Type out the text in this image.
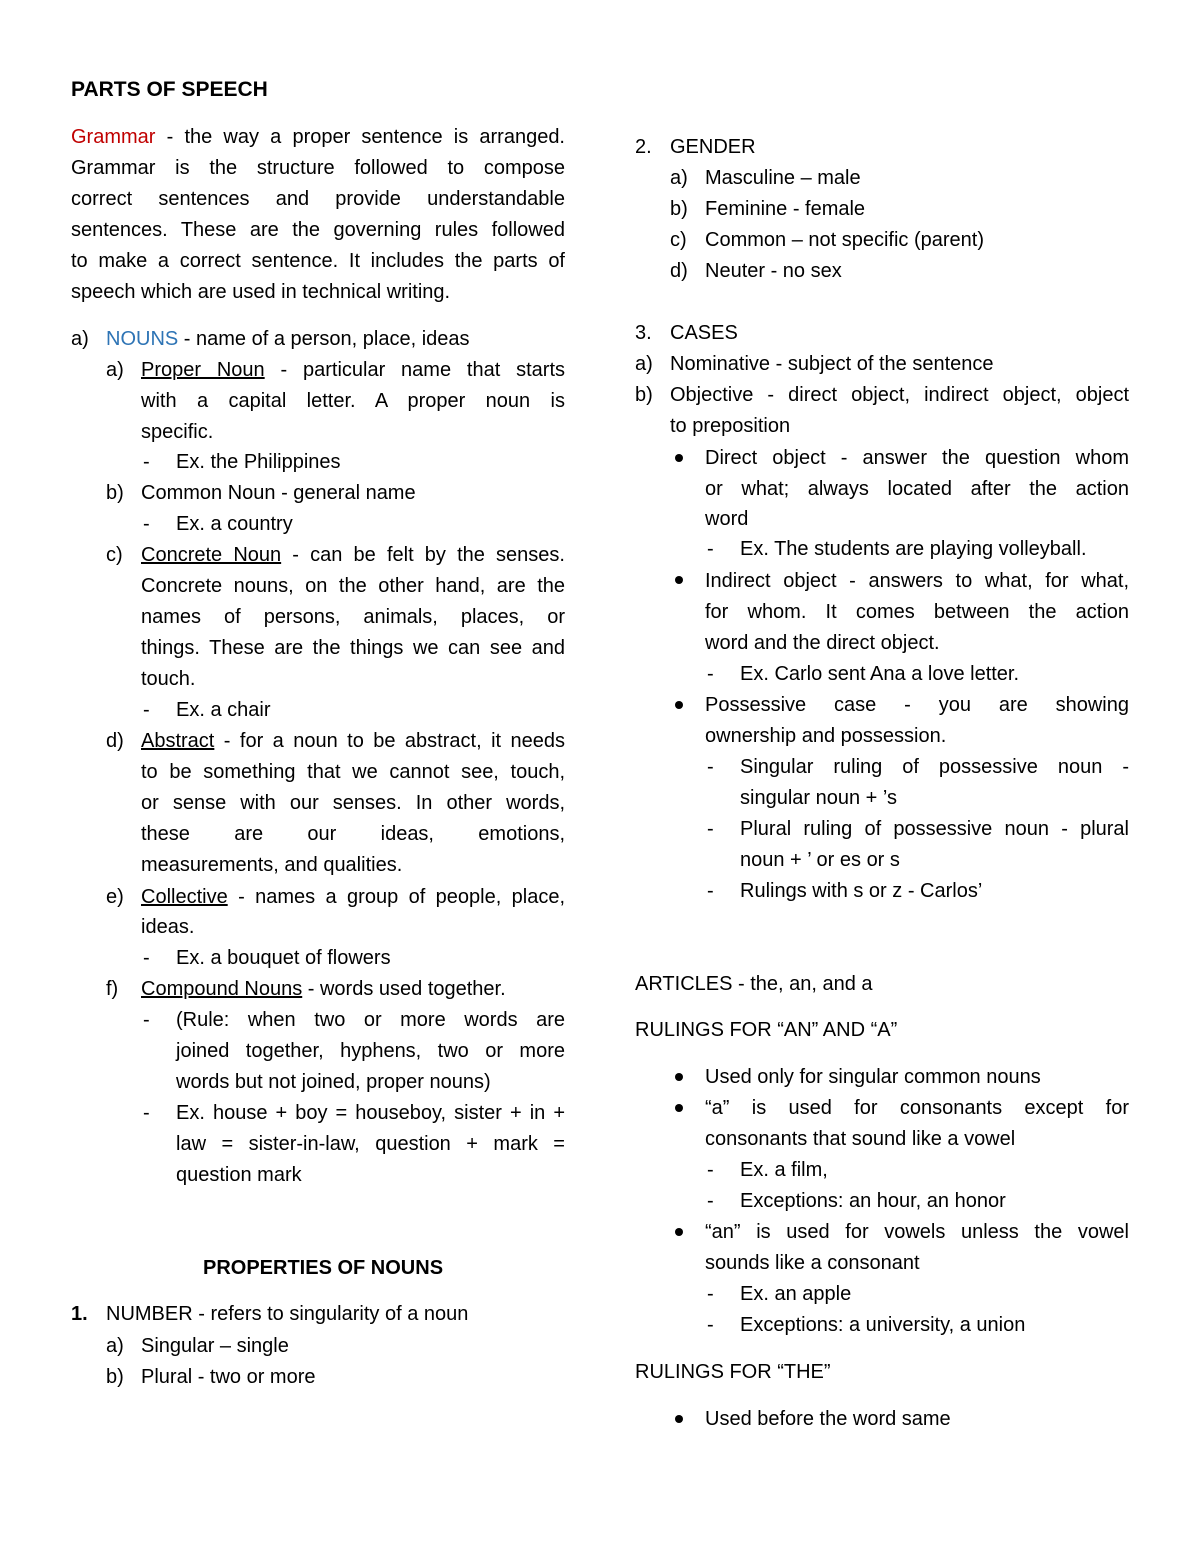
PARTS OF SPEECH
Grammar - the way a proper sentence is arranged.
Grammar is the structure followed to compose
correct sentences and provide understandable
sentences. These are the governing rules followed
to make a correct sentence. It includes the parts of
speech which are used in technical writing.
a) NOUNS - name of a person, place, ideas
a) Proper Noun - particular name that starts
with a capital letter. A proper noun is
specific.
- Ex. the Philippines
b) Common Noun - general name
- Ex. a country
c) Concrete Noun - can be felt by the senses.
Concrete nouns, on the other hand, are the
names of persons, animals, places, or
things. These are the things we can see and
touch.
- Ex. a chair
d) Abstract - for a noun to be abstract, it needs
to be something that we cannot see, touch,
or sense with our senses. In other words,
these are our ideas, emotions,
measurements, and qualities.
e) Collective - names a group of people, place,
ideas.
- Ex. a bouquet of flowers
f) Compound Nouns - words used together.
- (Rule: when two or more words are
joined together, hyphens, two or more
words but not joined, proper nouns)
- Ex. house + boy = houseboy, sister + in +
law = sister-in-law, question + mark =
question mark
PROPERTIES OF NOUNS
1. NUMBER - refers to singularity of a noun
a) Singular – single
b) Plural - two or more
2. GENDER
a) Masculine – male
b) Feminine - female
c) Common – not specific (parent)
d) Neuter - no sex
3. CASES
a) Nominative - subject of the sentence
b) Objective - direct object, indirect object, object
to preposition
Direct object - answer the question whom
or what; always located after the action
word
- Ex. The students are playing volleyball.
Indirect object - answers to what, for what,
for whom. It comes between the action
word and the direct object.
- Ex. Carlo sent Ana a love letter.
Possessive case - you are showing
ownership and possession.
- Singular ruling of possessive noun -
singular noun + ’s
- Plural ruling of possessive noun - plural
noun + ’ or es or s
- Rulings with s or z - Carlos’
ARTICLES - the, an, and a
RULINGS FOR “AN” AND “A”
Used only for singular common nouns
“a” is used for consonants except for
consonants that sound like a vowel
- Ex. a film,
- Exceptions: an hour, an honor
“an” is used for vowels unless the vowel
sounds like a consonant
- Ex. an apple
- Exceptions: a university, a union
RULINGS FOR “THE”
Used before the word same
